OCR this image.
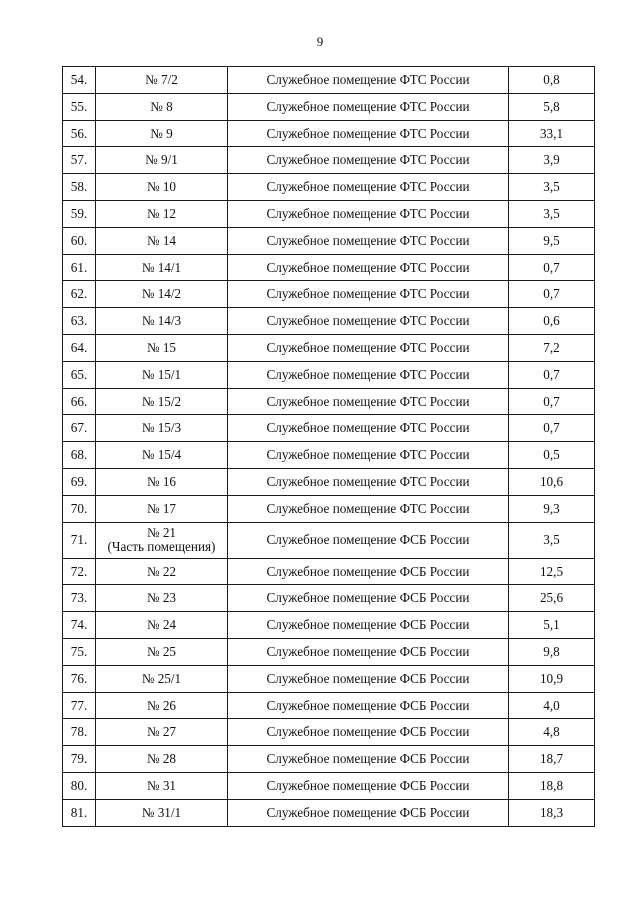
9
54.	№ 7/2	Служебное помещение ФТС России	0,8
55.	№ 8	Служебное помещение ФТС России	5,8
56.	№ 9	Служебное помещение ФТС России	33,1
57.	№ 9/1	Служебное помещение ФТС России	3,9
58.	№ 10	Служебное помещение ФТС России	3,5
59.	№ 12	Служебное помещение ФТС России	3,5
60.	№ 14	Служебное помещение ФТС России	9,5
61.	№ 14/1	Служебное помещение ФТС России	0,7
62.	№ 14/2	Служебное помещение ФТС России	0,7
63.	№ 14/3	Служебное помещение ФТС России	0,6
64.	№ 15	Служебное помещение ФТС России	7,2
65.	№ 15/1	Служебное помещение ФТС России	0,7
66.	№ 15/2	Служебное помещение ФТС России	0,7
67.	№ 15/3	Служебное помещение ФТС России	0,7
68.	№ 15/4	Служебное помещение ФТС России	0,5
69.	№ 16	Служебное помещение ФТС России	10,6
70.	№ 17	Служебное помещение ФТС России	9,3
71.	№ 21
(Часть помещения)	Служебное помещение ФСБ России	3,5
72.	№ 22	Служебное помещение ФСБ России	12,5
73.	№ 23	Служебное помещение ФСБ России	25,6
74.	№ 24	Служебное помещение ФСБ России	5,1
75.	№ 25	Служебное помещение ФСБ России	9,8
76.	№ 25/1	Служебное помещение ФСБ России	10,9
77.	№ 26	Служебное помещение ФСБ России	4,0
78.	№ 27	Служебное помещение ФСБ России	4,8
79.	№ 28	Служебное помещение ФСБ России	18,7
80.	№ 31	Служебное помещение ФСБ России	18,8
81.	№ 31/1	Служебное помещение ФСБ России	18,3
